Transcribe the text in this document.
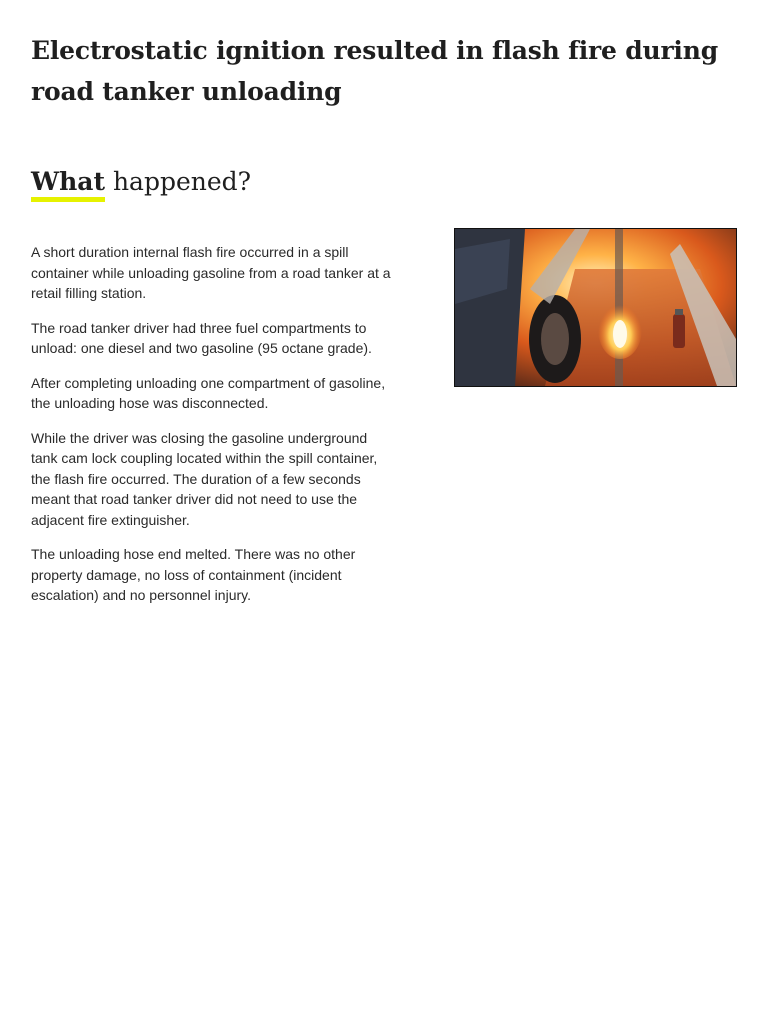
Electrostatic ignition resulted in flash fire during road tanker unloading
What happened?

A short duration internal flash fire occurred in a spill container while unloading gasoline from a road tanker at a retail filling station.

The road tanker driver had three fuel compartments to unload: one diesel and two gasoline (95 octane grade).

After completing unloading one compartment of gasoline, the unloading hose was disconnected.

While the driver was closing the gasoline underground tank cam lock coupling located within the spill container, the flash fire occurred. The duration of a few seconds meant that road tanker driver did not need to use the adjacent fire extinguisher.

The unloading hose end melted. There was no other property damage, no loss of containment (incident escalation) and no personnel injury.
